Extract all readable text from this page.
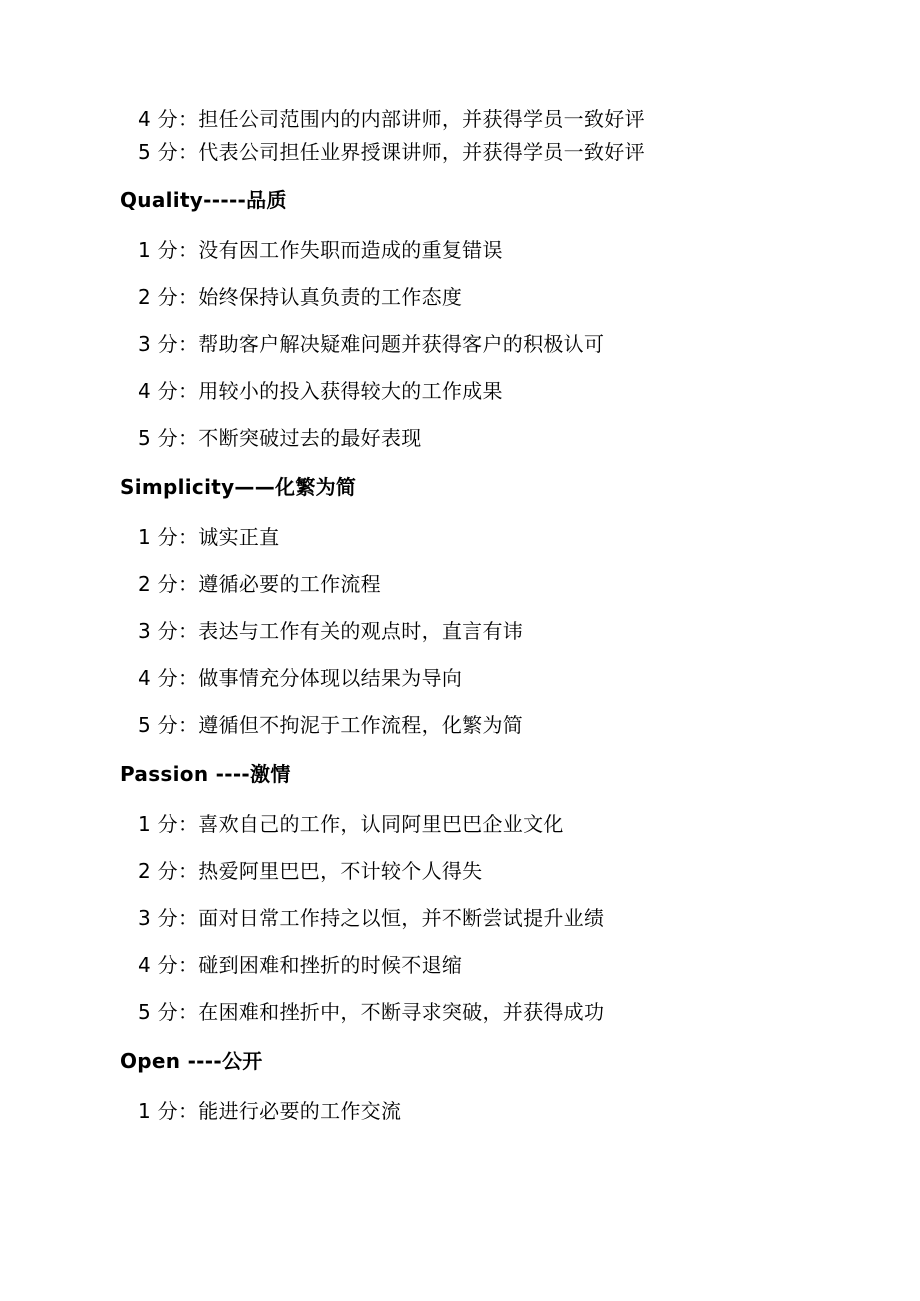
4 分：担任公司范围内的内部讲师，并获得学员一致好评
5 分：代表公司担任业界授课讲师，并获得学员一致好评
Quality-----品质
1 分：没有因工作失职而造成的重复错误
2 分：始终保持认真负责的工作态度
3 分：帮助客户解决疑难问题并获得客户的积极认可
4 分：用较小的投入获得较大的工作成果
5 分：不断突破过去的最好表现
Simplicity——化繁为简
1 分：诚实正直
2 分：遵循必要的工作流程
3 分：表达与工作有关的观点时，直言有讳
4 分：做事情充分体现以结果为导向
5 分：遵循但不拘泥于工作流程，化繁为简
Passion ----激情
1 分：喜欢自己的工作，认同阿里巴巴企业文化
2 分：热爱阿里巴巴，不计较个人得失
3 分：面对日常工作持之以恒，并不断尝试提升业绩
4 分：碰到困难和挫折的时候不退缩
5 分：在困难和挫折中，不断寻求突破，并获得成功
Open ----公开
1 分：能进行必要的工作交流
